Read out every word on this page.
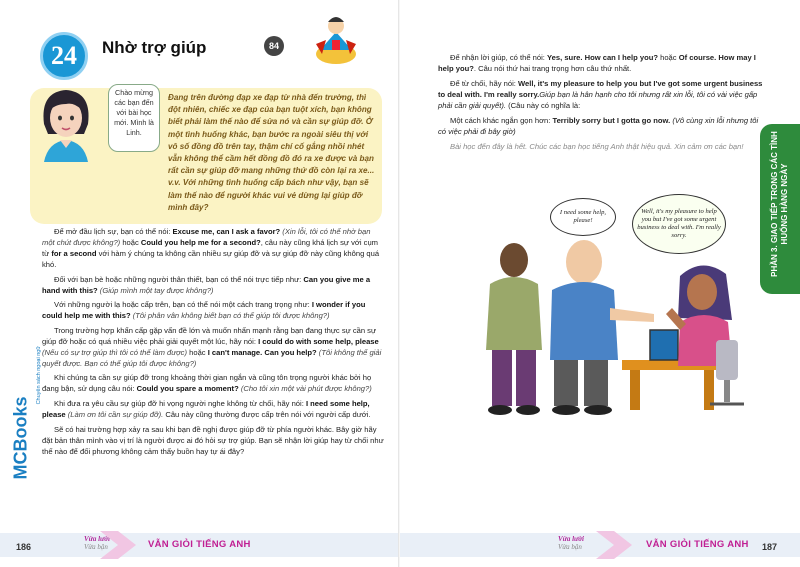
24 Nhờ trợ giúp	84
Chào mừng các bạn đến với bài học mới. Mình là Linh.
Đang trên đường đạp xe đạp từ nhà đến trường, thì đột nhiên, chiếc xe đạp của bạn tuột xích, bạn không biết phải làm thế nào để sửa nó và cần sự giúp đỡ. Ở một tình huống khác, bạn bước ra ngoài siêu thị với vô số đồng đồ trên tay, thậm chí cố gắng nhồi nhét vẫn không thể cầm hết đồng đồ đó ra xe được và bạn rất cần sự giúp đỡ mang những thứ đồ còn lại ra xe... v.v. Với những tình huống cấp bách như vậy, bạn sẽ làm thế nào để người khác vui vẻ dừng lại giúp đỡ mình đây?

Để mở đầu lịch sự, bạn có thể nói: Excuse me, can I ask a favor? (Xin lỗi, tôi có thể nhờ bạn một chút được không?) hoặc Could you help me for a second?, câu này cũng khá lịch sự với cụm từ for a second với hàm ý chúng ta không cần nhiều sự giúp đỡ và sự giúp đỡ này cũng không quá khó.

Đối với bạn bè hoặc những người thân thiết, bạn có thể nói trực tiếp như: Can you give me a hand with this? (Giúp mình một tay được không?)

Với những người lạ hoặc cấp trên, bạn có thể nói một cách trang trọng như: I wonder if you could help me with this? (Tôi phân vân không biết bạn có thể giúp tôi được không?)

Trong trường hợp khẩn cấp gặp vấn đề lớn và muốn nhấn mạnh rằng bạn đang thực sự cần sự giúp đỡ hoặc có quá nhiều việc phải giải quyết một lúc, hãy nói: I could do with some help, please (Nếu có sự trợ giúp thì tôi có thể làm được) hoặc I can't manage. Can you help? (Tôi không thể giải quyết được. Bạn có thể giúp tôi được không?)

Khi chúng ta cần sự giúp đỡ trong khoảng thời gian ngắn và cũng tôn trọng người khác bởi họ đang bận, sử dụng câu nói: Could you spare a moment? (Cho tôi xin một vài phút được không?)

Khi đưa ra yêu cầu sự giúp đỡ hi vọng người nghe không từ chối, hãy nói: I need some help, please (Làm ơn tôi cần sự giúp đỡ). Câu này cũng thường được cấp trên nói với người cấp dưới.

Sẽ có hai trường hợp xảy ra sau khi bạn đề nghị được giúp đỡ từ phía người khác. Bây giờ hãy đặt bản thân mình vào vị trí là người được ai đó hỏi sự trợ giúp. Bạn sẽ nhận lời giúp hay từ chối như thế nào để đối phương không cảm thấy buồn hay tự ái đây?

MCBooks
Chuyên sách ngoại ngữ
186
Vừa lười
Vừa bận	VẪN GIỎI TIẾNG ANH

Để nhận lời giúp, có thể nói: Yes, sure. How can I help you? hoặc Of course. How may I help you?. Câu nói thứ hai trang trọng hơn câu thứ nhất.

Để từ chối, hãy nói: Well, it's my pleasure to help you but I've got some urgent business to deal with. I'm really sorry.Giúp bạn là hân hạnh cho tôi nhưng rất xin lỗi, tôi có vài việc gấp phải cần giải quyết). (Câu này có nghĩa là:

Một cách khác ngắn gọn hơn: Terribly sorry but I gotta go now. (Vô cùng xin lỗi nhưng tôi có việc phải đi bây giờ)

Bài học đến đây là hết. Chúc các bạn học tiếng Anh thật hiệu quả. Xin cảm ơn các bạn!	PHẦN 3. GIAO TIẾP TRONG CÁC TÌNH HUỐNG HÀNG NGÀY
I need some help, please!
Well, it's my pleasure to help you but I've got some urgent business to deal with. I'm really sorry.
Vừa lười
Vừa bận	VẪN GIỎI TIẾNG ANH 187
